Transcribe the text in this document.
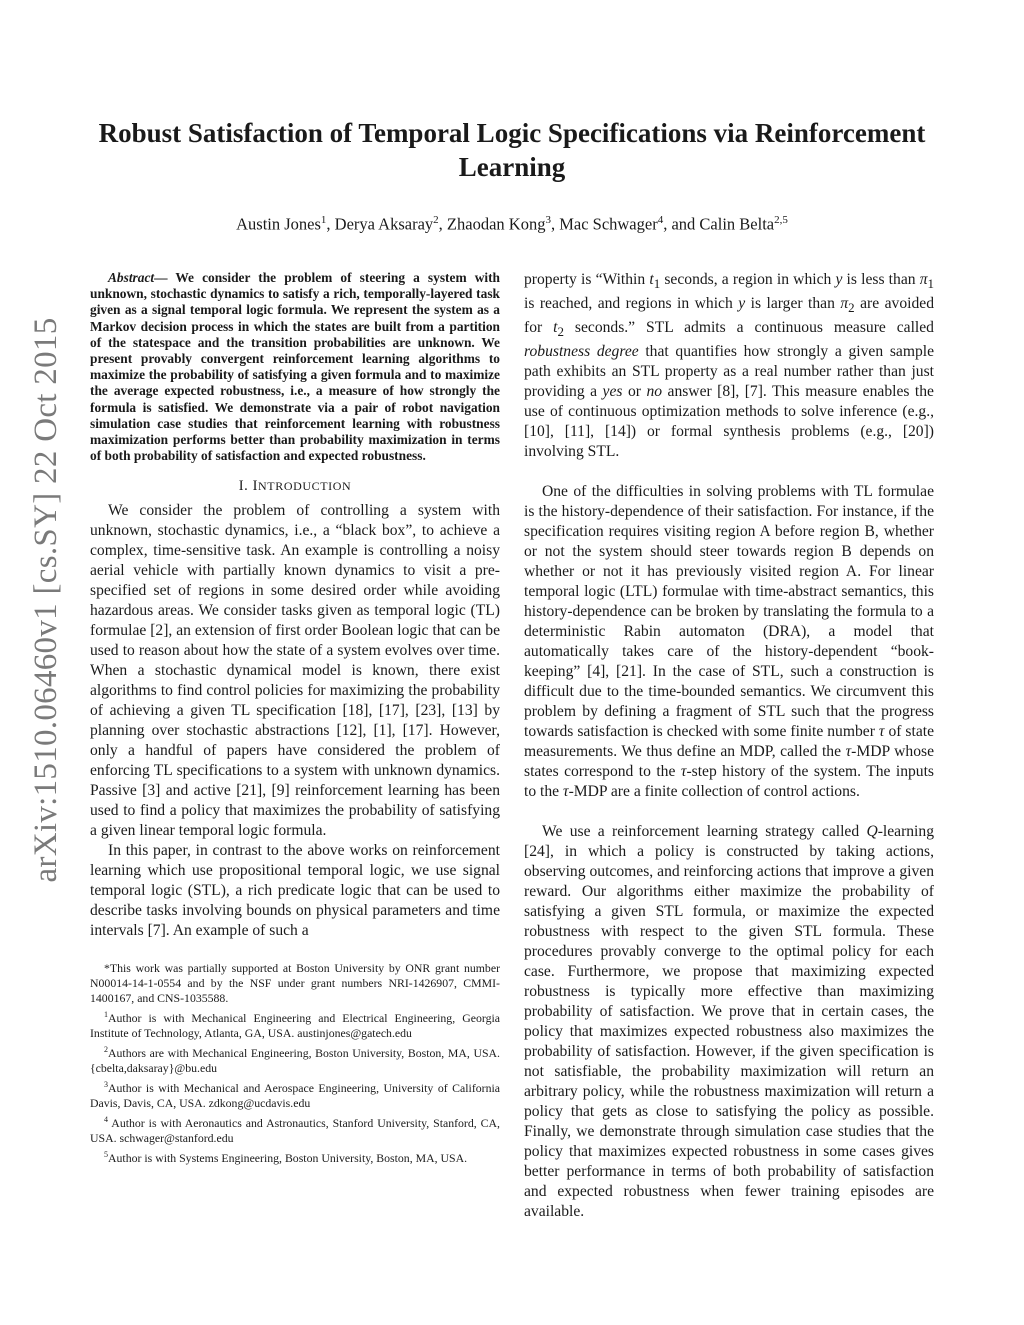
Robust Satisfaction of Temporal Logic Specifications via Reinforcement Learning
Austin Jones$^1$, Derya Aksaray$^2$, Zhaodan Kong$^3$, Mac Schwager$^4$, and Calin Belta$^{2,5}$
arXiv:1510.06460v1 [cs.SY] 22 Oct 2015

Abstract— We consider the problem of steering a system with unknown, stochastic dynamics to satisfy a rich, temporally-layered task given as a signal temporal logic formula. We represent the system as a Markov decision process in which the states are built from a partition of the statespace and the transition probabilities are unknown. We present provably convergent reinforcement learning algorithms to maximize the probability of satisfying a given formula and to maximize the average expected robustness, i.e., a measure of how strongly the formula is satisfied. We demonstrate via a pair of robot navigation simulation case studies that reinforcement learning with robustness maximization performs better than probability maximization in terms of both probability of satisfaction and expected robustness.

I. INTRODUCTION

We consider the problem of controlling a system with unknown, stochastic dynamics, i.e., a “black box”, to achieve a complex, time-sensitive task. An example is controlling a noisy aerial vehicle with partially known dynamics to visit a pre-specified set of regions in some desired order while avoiding hazardous areas. We consider tasks given as temporal logic (TL) formulae [2], an extension of first order Boolean logic that can be used to reason about how the state of a system evolves over time. When a stochastic dynamical model is known, there exist algorithms to find control policies for maximizing the probability of achieving a given TL specification [18], [17], [23], [13] by planning over stochastic abstractions [12], [1], [17]. However, only a handful of papers have considered the problem of enforcing TL specifications to a system with unknown dynamics. Passive [3] and active [21], [9] reinforcement learning has been used to find a policy that maximizes the probability of satisfying a given linear temporal logic formula.

In this paper, in contrast to the above works on reinforcement learning which use propositional temporal logic, we use signal temporal logic (STL), a rich predicate logic that can be used to describe tasks involving bounds on physical parameters and time intervals [7]. An example of such a

*This work was partially supported at Boston University by ONR grant number N00014-14-1-0554 and by the NSF under grant numbers NRI-1426907, CMMI-1400167, and CNS-1035588.

$^1$Author is with Mechanical Engineering and Electrical Engineering, Georgia Institute of Technology, Atlanta, GA, USA. austinjones@gatech.edu

$^2$Authors are with Mechanical Engineering, Boston University, Boston, MA, USA. {cbelta,daksaray}@bu.edu

$^3$Author is with Mechanical and Aerospace Engineering, University of California Davis, Davis, CA, USA. zdkong@ucdavis.edu

$^4$ Author is with Aeronautics and Astronautics, Stanford University, Stanford, CA, USA. schwager@stanford.edu

$^5$Author is with Systems Engineering, Boston University, Boston, MA, USA.

property is “Within $t_1$ seconds, a region in which y is less than $\pi_1$ is reached, and regions in which y is larger than $\pi_2$ are avoided for $t_2$ seconds.” STL admits a continuous measure called robustness degree that quantifies how strongly a given sample path exhibits an STL property as a real number rather than just providing a yes or no answer [8], [7]. This measure enables the use of continuous optimization methods to solve inference (e.g., [10], [11], [14]) or formal synthesis problems (e.g., [20]) involving STL.

One of the difficulties in solving problems with TL formulae is the history-dependence of their satisfaction. For instance, if the specification requires visiting region A before region B, whether or not the system should steer towards region B depends on whether or not it has previously visited region A. For linear temporal logic (LTL) formulae with time-abstract semantics, this history-dependence can be broken by translating the formula to a deterministic Rabin automaton (DRA), a model that automatically takes care of the history-dependent “book-keeping” [4], [21]. In the case of STL, such a construction is difficult due to the time-bounded semantics. We circumvent this problem by defining a fragment of STL such that the progress towards satisfaction is checked with some finite number τ of state measurements. We thus define an MDP, called the τ-MDP whose states correspond to the τ-step history of the system. The inputs to the τ-MDP are a finite collection of control actions.

We use a reinforcement learning strategy called Q-learning [24], in which a policy is constructed by taking actions, observing outcomes, and reinforcing actions that improve a given reward. Our algorithms either maximize the probability of satisfying a given STL formula, or maximize the expected robustness with respect to the given STL formula. These procedures provably converge to the optimal policy for each case. Furthermore, we propose that maximizing expected robustness is typically more effective than maximizing probability of satisfaction. We prove that in certain cases, the policy that maximizes expected robustness also maximizes the probability of satisfaction. However, if the given specification is not satisfiable, the probability maximization will return an arbitrary policy, while the robustness maximization will return a policy that gets as close to satisfying the policy as possible. Finally, we demonstrate through simulation case studies that the policy that maximizes expected robustness in some cases gives better performance in terms of both probability of satisfaction and expected robustness when fewer training episodes are available.
